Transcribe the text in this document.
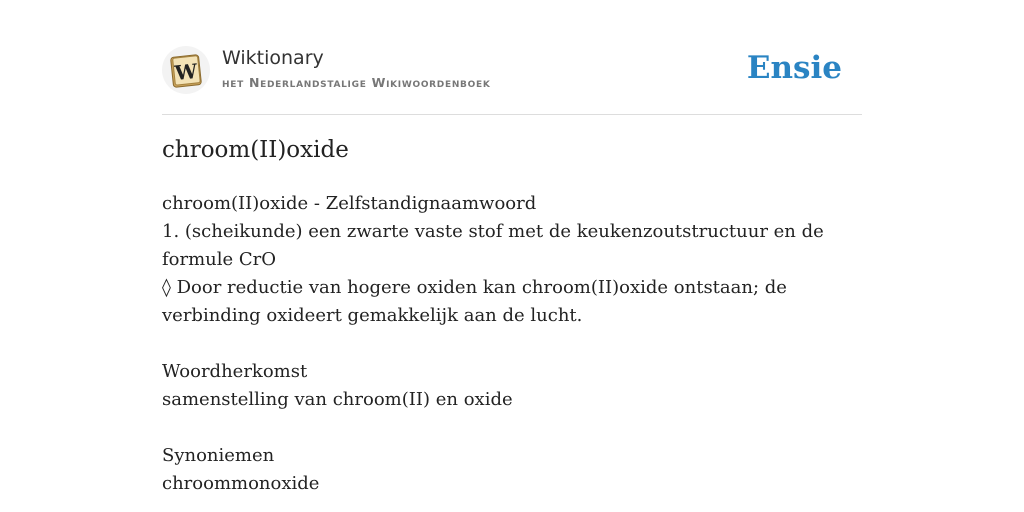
W
Wiktionary
het Nederlandstalige Wikiwoordenboek	Ensie
chroom(II)oxide
chroom(II)oxide - Zelfstandignaamwoord
1. (scheikunde) een zwarte vaste stof met de keukenzoutstructuur en de formule CrO
◊ Door reductie van hogere oxiden kan chroom(II)oxide ontstaan; de verbinding oxideert gemakkelijk aan de lucht.
Woordherkomst
samenstelling van chroom(II) en oxide
Synoniemen
chroommonoxide
